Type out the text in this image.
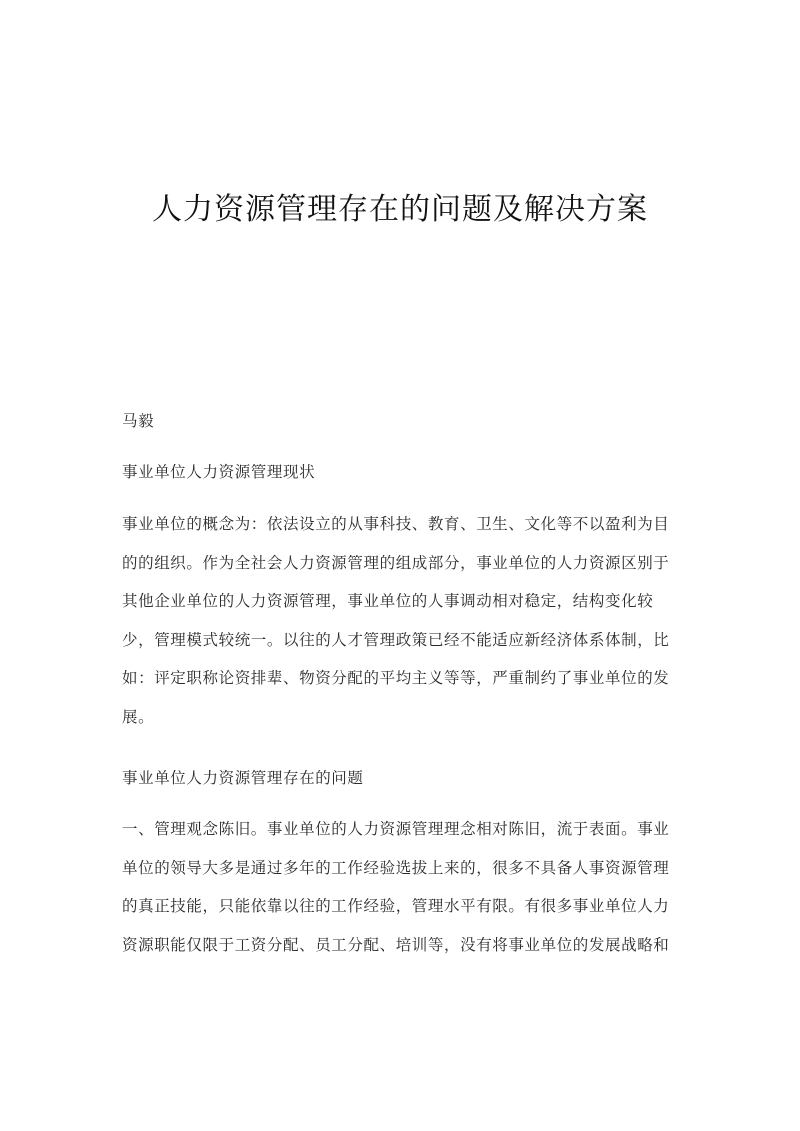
人力资源管理存在的问题及解决方案

马毅

事业单位人力资源管理现状

事业单位的概念为：依法设立的从事科技、教育、卫生、文化等不以盈利为目的的组织。作为全社会人力资源管理的组成部分，事业单位的人力资源区别于其他企业单位的人力资源管理，事业单位的人事调动相对稳定，结构变化较少，管理模式较统一。以往的人才管理政策已经不能适应新经济体系体制，比如：评定职称论资排辈、物资分配的平均主义等等，严重制约了事业单位的发展。

事业单位人力资源管理存在的问题

一、管理观念陈旧。事业单位的人力资源管理理念相对陈旧，流于表面。事业单位的领导大多是通过多年的工作经验选拔上来的，很多不具备人事资源管理的真正技能，只能依靠以往的工作经验，管理水平有限。有很多事业单位人力资源职能仅限于工资分配、员工分配、培训等，没有将事业单位的发展战略和
